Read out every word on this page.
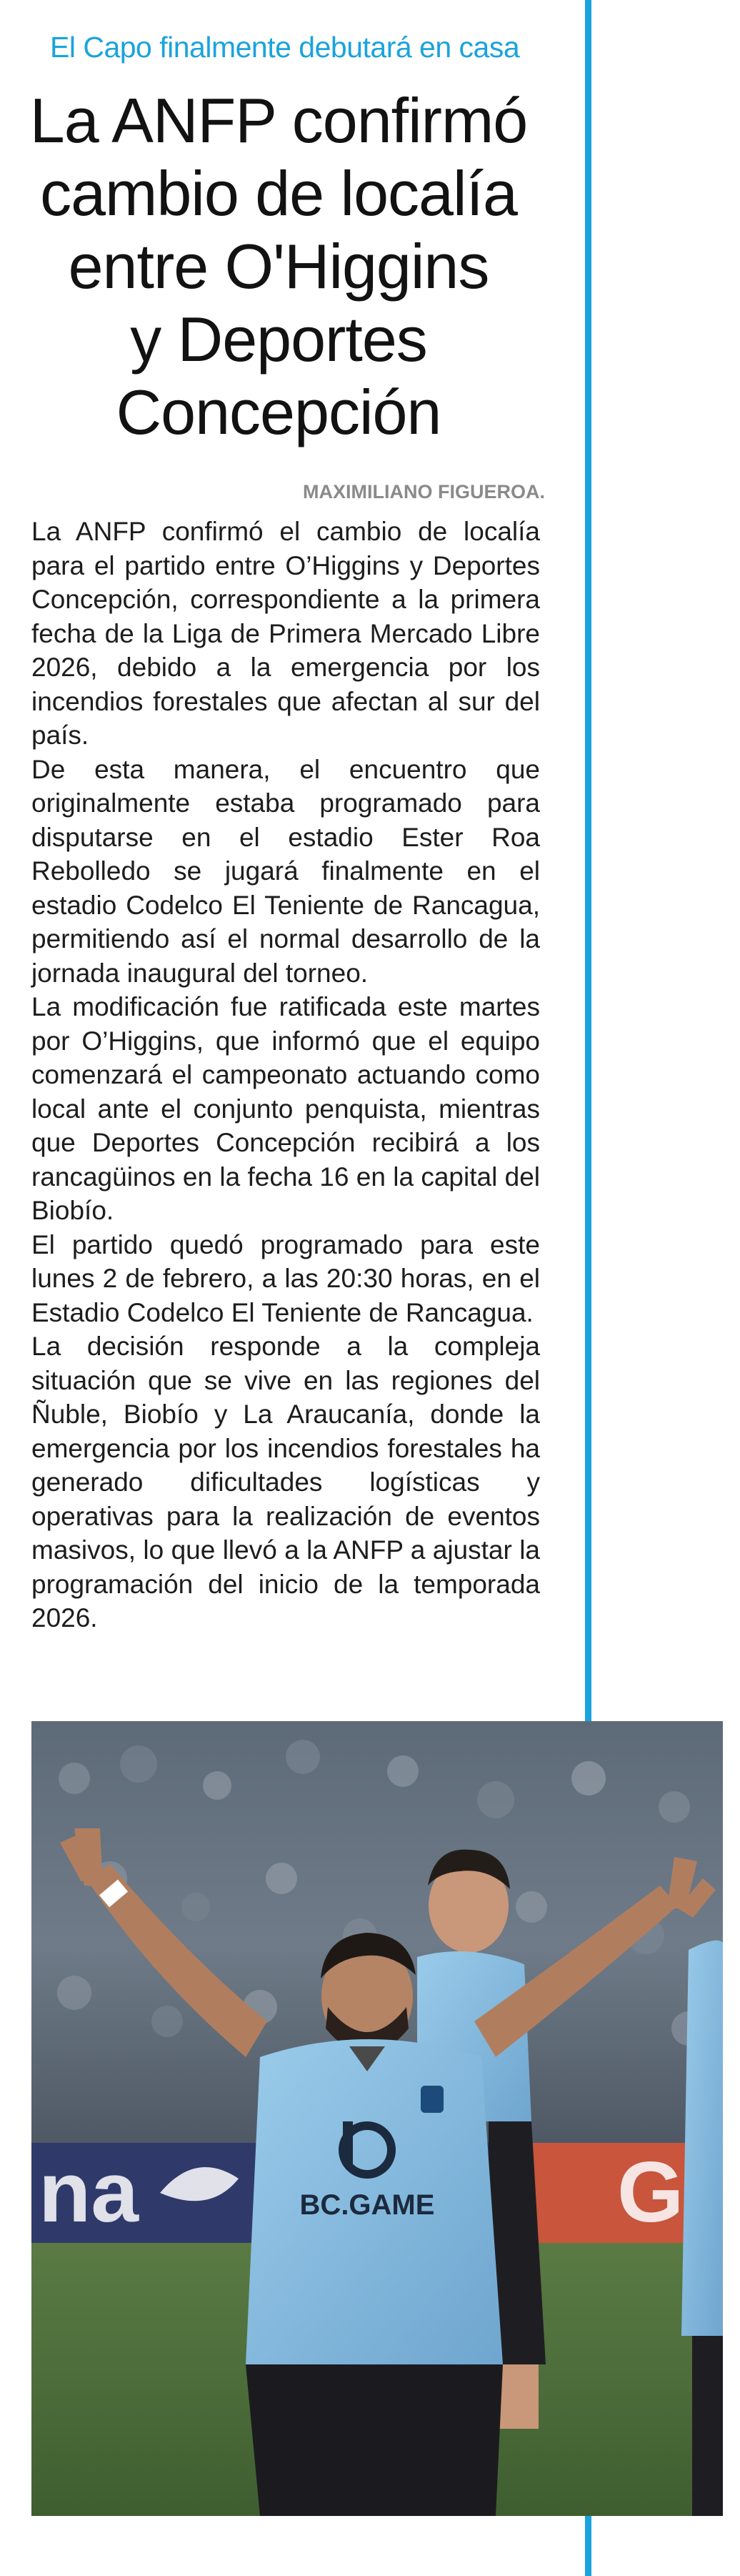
El Capo finalmente debutará en casa
La ANFP confirmó
cambio de localía
entre O'Higgins
y Deportes
Concepción
MAXIMILIANO FIGUEROA.

La ANFP confirmó el cambio de localía para el partido entre O’Higgins y Deportes Concepción, correspondiente a la primera fecha de la Liga de Primera Mercado Libre 2026, debido a la emergencia por los incendios forestales que afectan al sur del país.

De esta manera, el encuentro que originalmente estaba programado para disputarse en el estadio Ester Roa Rebolledo se jugará finalmente en el estadio Codelco El Teniente de Rancagua, permitiendo así el normal desarrollo de la jornada inaugural del torneo.

La modificación fue ratificada este martes por O’Higgins, que informó que el equipo comenzará el campeonato actuando como local ante el conjunto penquista, mientras que Deportes Concepción recibirá a los rancagüinos en la fecha 16 en la capital del Biobío.

El partido quedó programado para este lunes 2 de febrero, a las 20:30 horas, en el Estadio Codelco El Teniente de Rancagua.

La decisión responde a la compleja situación que se vive en las regiones del Ñuble, Biobío y La Araucanía, donde la emergencia por los incendios forestales ha generado dificultades logísticas y operativas para la realización de eventos masivos, lo que llevó a la ANFP a ajustar la programación del inicio de la temporada 2026.

na	G
BC.GAME
